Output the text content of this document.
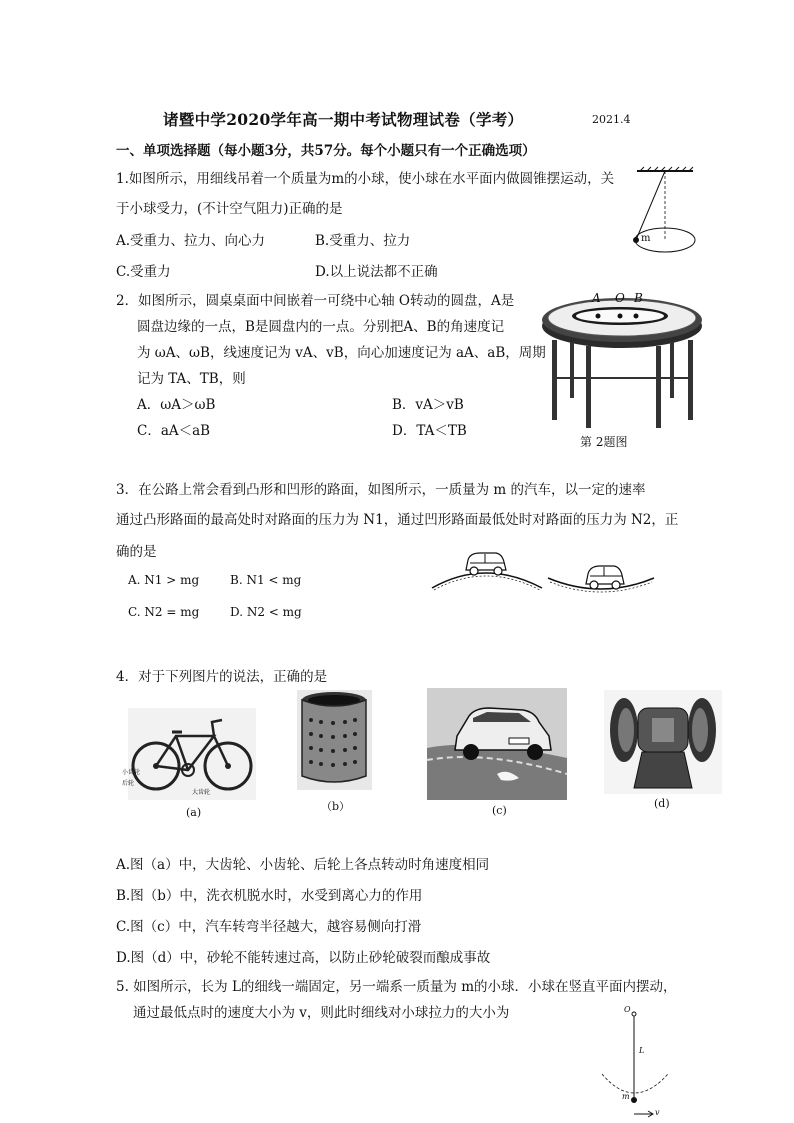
诸暨中学2020学年高一期中考试物理试卷（学考）	2021.4
一、单项选择题（每小题3分，共57分。每个小题只有一个正确选项）
1.如图所示，用细线吊着一个质量为m的小球，使小球在水平面内做圆锥摆运动，关
于小球受力，(不计空气阻力)正确的是
A.受重力、拉力、向心力	B.受重力、拉力
C.受重力	D.以上说法都不正确
m
2．如图所示，圆桌桌面中间嵌着一可绕中心轴 O转动的圆盘，A是
圆盘边缘的一点，B是圆盘内的一点。分别把A、B的角速度记
为 ωA、ωB，线速度记为 vA、vB，向心加速度记为 aA、aB，周期
记为 TA、TB，则
A．ωA＞ωB	B．vA＞vB
C．aA＜aB	D．TA＜TB
A O B
第 2题图
3．在公路上常会看到凸形和凹形的路面，如图所示，一质量为 m 的汽车，以一定的速率
通过凸形路面的最高处时对路面的压力为 N1，通过凹形路面最低处时对路面的压力为 N2，正
确的是
A. N1 > mg	B. N1 < mg
C. N2 = mg	D. N2 < mg
4．对于下列图片的说法，正确的是
小齿轮
后轮
大齿轮
(a)	（b）	(c)
(d)
A.图（a）中，大齿轮、小齿轮、后轮上各点转动时角速度相同
B.图（b）中，洗衣机脱水时，水受到离心力的作用
C.图（c）中，汽车转弯半径越大，越容易侧向打滑
D.图（d）中，砂轮不能转速过高，以防止砂轮破裂而酿成事故
5. 如图所示，长为 L的细线一端固定，另一端系一质量为 m的小球．小球在竖直平面内摆动，
通过最低点时的速度大小为 v，则此时细线对小球拉力的大小为	O
L
m
v
